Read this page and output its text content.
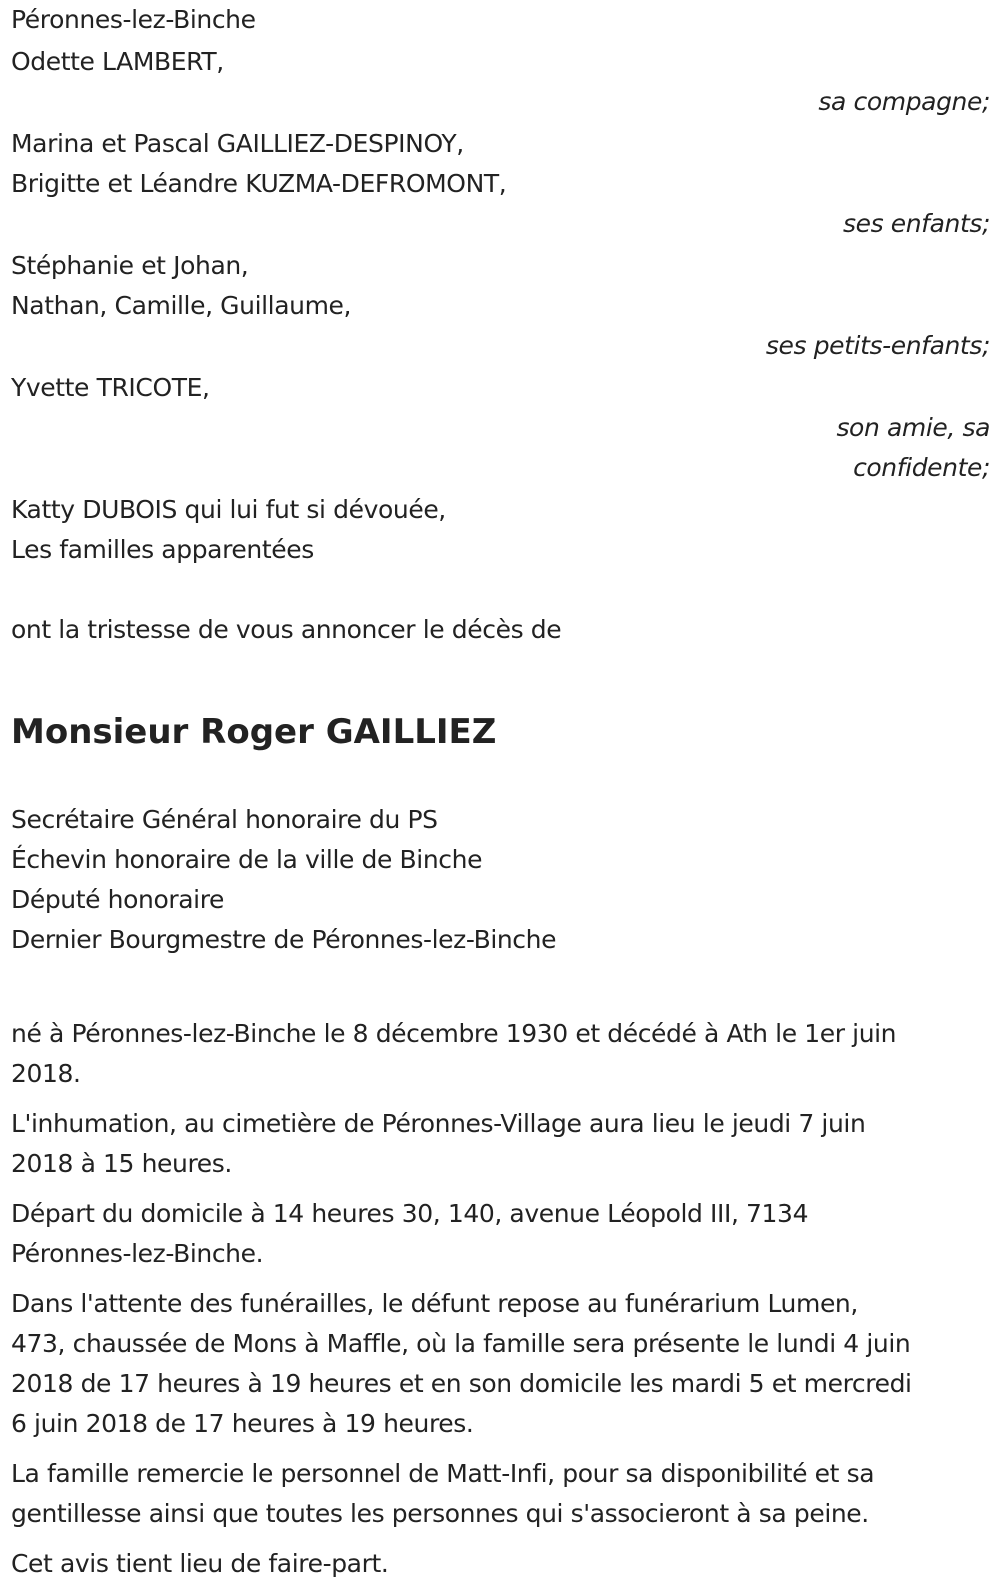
Péronnes-lez-Binche
Odette LAMBERT,
sa compagne;
Marina et Pascal GAILLIEZ-DESPINOY,
Brigitte et Léandre KUZMA-DEFROMONT,
ses enfants;
Stéphanie et Johan,
Nathan, Camille, Guillaume,
ses petits-enfants;
Yvette TRICOTE,
son amie, sa
confidente;
Katty DUBOIS qui lui fut si dévouée,
Les familles apparentées
ont la tristesse de vous annoncer le décès de
Monsieur Roger GAILLIEZ
Secrétaire Général honoraire du PS
Échevin honoraire de la ville de Binche
Député honoraire
Dernier Bourgmestre de Péronnes-lez-Binche
né à Péronnes-lez-Binche le 8 décembre 1930 et décédé à Ath le 1er juin
2018.
L'inhumation, au cimetière de Péronnes-Village aura lieu le jeudi 7 juin
2018 à 15 heures.
Départ du domicile à 14 heures 30, 140, avenue Léopold III, 7134
Péronnes-lez-Binche.
Dans l'attente des funérailles, le défunt repose au funérarium Lumen,
473, chaussée de Mons à Maffle, où la famille sera présente le lundi 4 juin
2018 de 17 heures à 19 heures et en son domicile les mardi 5 et mercredi
6 juin 2018 de 17 heures à 19 heures.
La famille remercie le personnel de Matt-Infi, pour sa disponibilité et sa
gentillesse ainsi que toutes les personnes qui s'associeront à sa peine.
Cet avis tient lieu de faire-part.
